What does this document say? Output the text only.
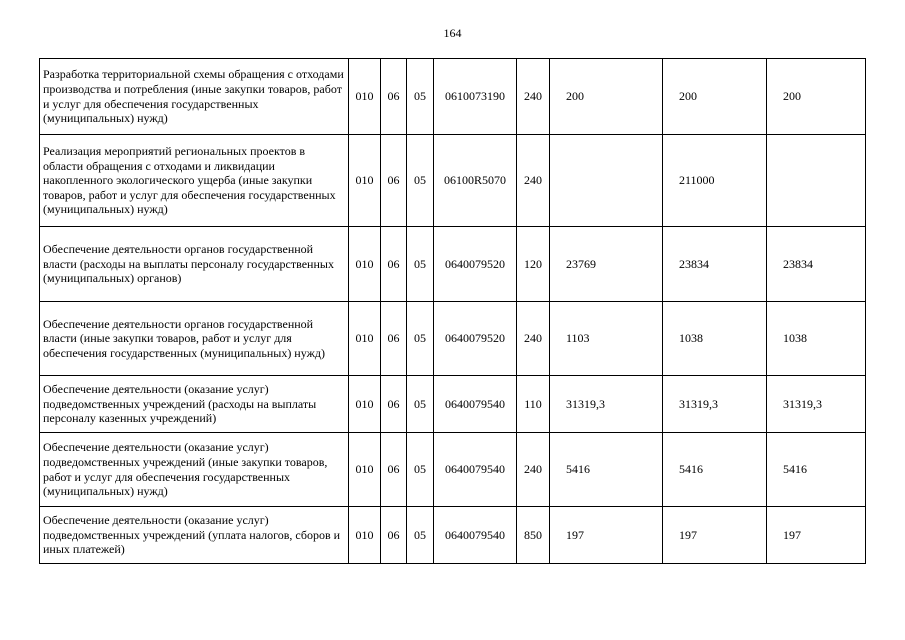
164
Разработка территориальной схемы обращения с отходами производства и потребления (иные закупки товаров, работ и услуг для обеспечения государственных (муниципальных) нужд)	010	06	05	0610073190	240	200	200	200
Реализация мероприятий региональных проектов в области обращения с отходами и ликвидации накопленного экологического ущерба (иные закупки товаров, работ и услуг для обеспечения государственных (муниципальных) нужд)	010	06	05	06100R5070	240		211000	
Обеспечение деятельности органов государственной власти (расходы на выплаты персоналу государственных (муниципальных) органов)	010	06	05	0640079520	120	23769	23834	23834
Обеспечение деятельности органов государственной власти (иные закупки товаров, работ и услуг для обеспечения государственных (муниципальных) нужд)	010	06	05	0640079520	240	1103	1038	1038
Обеспечение деятельности (оказание услуг) подведомственных учреждений (расходы на выплаты персоналу казенных учреждений)	010	06	05	0640079540	110	31319,3	31319,3	31319,3
Обеспечение деятельности (оказание услуг) подведомственных учреждений (иные закупки товаров, работ и услуг для обеспечения государственных (муниципальных) нужд)	010	06	05	0640079540	240	5416	5416	5416
Обеспечение деятельности (оказание услуг) подведомственных учреждений (уплата налогов, сборов и иных платежей)	010	06	05	0640079540	850	197	197	197
